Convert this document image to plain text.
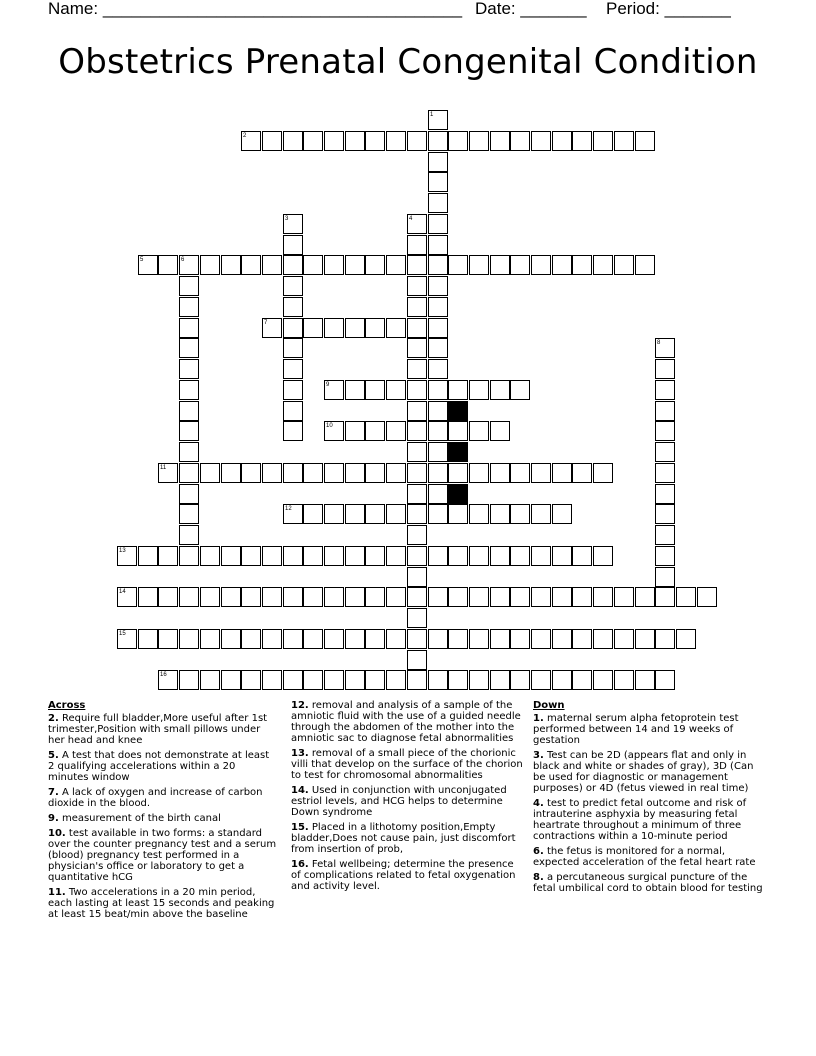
Name: ______________________________________ Date: _______ Period: _______
Obstetrics Prenatal Congenital Condition
1
2
3	4
5	6
7
8
9
10
11
12
13
14
15
16
Across
2. Require full bladder,More useful after 1st trimester,Position with small pillows under her head and knee
5. A test that does not demonstrate at least 2 qualifying accelerations within a 20 minutes window
7. A lack of oxygen and increase of carbon dioxide in the blood.
9. measurement of the birth canal
10. test available in two forms: a standard over the counter pregnancy test and a serum (blood) pregnancy test performed in a physician's office or laboratory to get a quantitative hCG
11. Two accelerations in a 20 min period, each lasting at least 15 seconds and peaking at least 15 beat/min above the baseline
12. removal and analysis of a sample of the amniotic fluid with the use of a guided needle through the abdomen of the mother into the amniotic sac to diagnose fetal abnormalities
13. removal of a small piece of the chorionic villi that develop on the surface of the chorion to test for chromosomal abnormalities
14. Used in conjunction with unconjugated estriol levels, and HCG helps to determine Down syndrome
15. Placed in a lithotomy position,Empty bladder,Does not cause pain, just discomfort from insertion of prob,
16. Fetal wellbeing; determine the presence of complications related to fetal oxygenation and activity level.
Down
1. maternal serum alpha fetoprotein test performed between 14 and 19 weeks of gestation
3. Test can be 2D (appears flat and only in black and white or shades of gray), 3D (Can be used for diagnostic or management purposes) or 4D (fetus viewed in real time)
4. test to predict fetal outcome and risk of intrauterine asphyxia by measuring fetal heartrate throughout a minimum of three contractions within a 10-minute period
6. the fetus is monitored for a normal, expected acceleration of the fetal heart rate
8. a percutaneous surgical puncture of the fetal umbilical cord to obtain blood for testing
